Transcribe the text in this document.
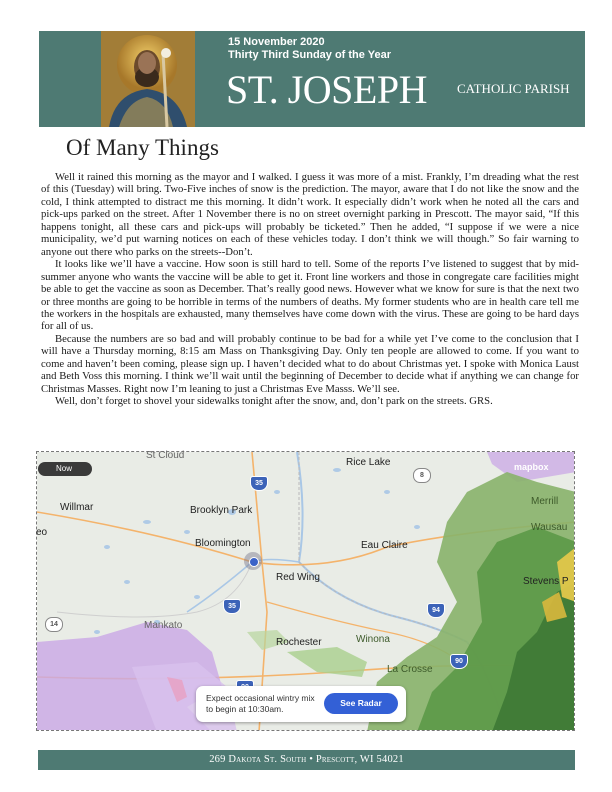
15 November 2020
Thirty Third Sunday of the Year
ST. JOSEPH CATHOLIC PARISH
Of Many Things

Well it rained this morning as the mayor and I walked. I guess it was more of a mist. Frankly, I’m dreading what the rest of this (Tuesday) will bring. Two-Five inches of snow is the prediction. The mayor, aware that I do not like the snow and the cold, I think attempted to distract me this morning. It didn’t work. It especially didn’t work when he noted all the cars and pick-ups parked on the street. After 1 November there is no on street overnight parking in Prescott. The mayor said, “If this happens tonight, all these cars and pick-ups will probably be ticketed.” Then he added, “I suppose if we were a nice municipality, we’d put warning notices on each of these vehicles today. I don’t think we will though.” So fair warning to anyone out there who parks on the streets--Don’t.

It looks like we’ll have a vaccine. How soon is still hard to tell. Some of the reports I’ve listened to suggest that by mid-summer anyone who wants the vaccine will be able to get it. Front line workers and those in congregate care facilities might be able to get the vaccine as soon as December. That’s really good news. However what we know for sure is that the next two or three months are going to be horrible in terms of the numbers of deaths. My former students who are in health care tell me the workers in the hospitals are exhausted, many themselves have come down with the virus. These are going to be hard days for all of us.

Because the numbers are so bad and will probably continue to be bad for a while yet I’ve come to the conclusion that I will have a Thursday morning, 8:15 am Mass on Thanksgiving Day. Only ten people are allowed to come. If you want to come and haven’t been coming, please sign up. I haven’t decided what to do about Christmas yet. I spoke with Monica Laust and Beth Voss this morning. I think we’ll wait until the beginning of December to decide what if anything we can change for Christmas Masses. Right now I’m leaning to just a Christmas Eve Masss. We’ll see.

Well, don’t forget to shovel your sidewalks tonight after the snow, and, don’t park on the streets. GRS.

Now	mapbox
St Cloud
Rice Lake
Willmar	Brooklyn Park
Merrill
Wausau
eo
Bloomington	Eau Claire
Stevens P
Red Wing
Mankato
Rochester	Winona
La Crosse
35
35
94
90
8
14
Expect occasional wintry mix to begin at 10:30am.
See Radar
269 Dakota St. South • Prescott, WI 54021
